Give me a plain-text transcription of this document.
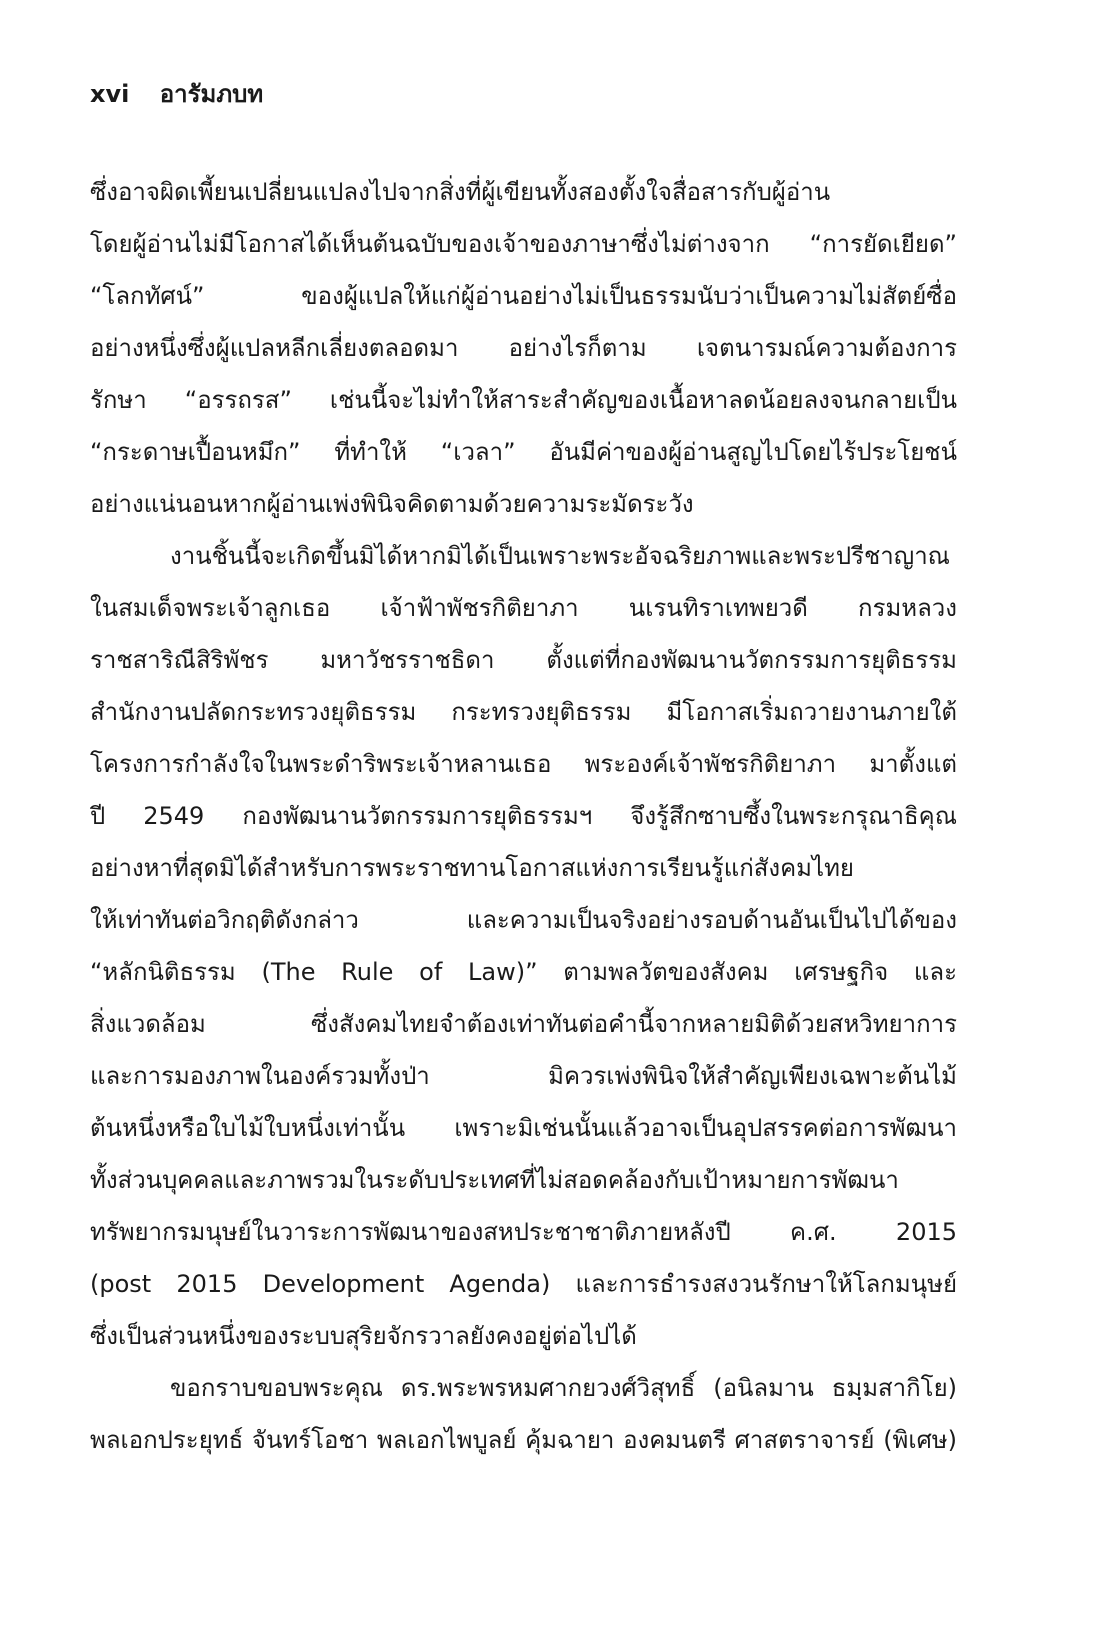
xvi อารัมภบท
ซึ่งอาจผิดเพี้ยนเปลี่ยนแปลงไปจากสิ่งที่ผู้เขียนทั้งสองตั้งใจสื่อสารกับผู้อ่าน
โดยผู้อ่านไม่มีโอกาสได้เห็นต้นฉบับของเจ้าของภาษาซึ่งไม่ต่างจาก “การยัดเยียด”
“โลกทัศน์” ของผู้แปลให้แก่ผู้อ่านอย่างไม่เป็นธรรมนับว่าเป็นความไม่สัตย์ซื่อ
อย่างหนึ่งซึ่งผู้แปลหลีกเลี่ยงตลอดมา อย่างไรก็ตาม เจตนารมณ์ความต้องการ
รักษา “อรรถรส” เช่นนี้จะไม่ทำให้สาระสำคัญของเนื้อหาลดน้อยลงจนกลายเป็น
“กระดาษเปื้อนหมึก” ที่ทำให้ “เวลา” อันมีค่าของผู้อ่านสูญไปโดยไร้ประโยชน์
อย่างแน่นอนหากผู้อ่านเพ่งพินิจคิดตามด้วยความระมัดระวัง
งานชิ้นนี้จะเกิดขึ้นมิได้หากมิได้เป็นเพราะพระอัจฉริยภาพและพระปรีชาญาณ
ในสมเด็จพระเจ้าลูกเธอ เจ้าฟ้าพัชรกิติยาภา นเรนทิราเทพยวดี กรมหลวง
ราชสาริณีสิริพัชร มหาวัชรราชธิดา ตั้งแต่ที่กองพัฒนานวัตกรรมการยุติธรรม
สำนักงานปลัดกระทรวงยุติธรรม กระทรวงยุติธรรม มีโอกาสเริ่มถวายงานภายใต้
โครงการกำลังใจในพระดำริพระเจ้าหลานเธอ พระองค์เจ้าพัชรกิติยาภา มาตั้งแต่
ปี 2549 กองพัฒนานวัตกรรมการยุติธรรมฯ จึงรู้สึกซาบซึ้งในพระกรุณาธิคุณ
อย่างหาที่สุดมิได้สำหรับการพระราชทานโอกาสแห่งการเรียนรู้แก่สังคมไทย
ให้เท่าทันต่อวิกฤติดังกล่าว และความเป็นจริงอย่างรอบด้านอันเป็นไปได้ของ
“หลักนิติธรรม (The Rule of Law)” ตามพลวัตของสังคม เศรษฐกิจ และ
สิ่งแวดล้อม ซึ่งสังคมไทยจำต้องเท่าทันต่อคำนี้จากหลายมิติด้วยสหวิทยาการ
และการมองภาพในองค์รวมทั้งป่า มิควรเพ่งพินิจให้สำคัญเพียงเฉพาะต้นไม้
ต้นหนึ่งหรือใบไม้ใบหนึ่งเท่านั้น เพราะมิเช่นนั้นแล้วอาจเป็นอุปสรรคต่อการพัฒนา
ทั้งส่วนบุคคลและภาพรวมในระดับประเทศที่ไม่สอดคล้องกับเป้าหมายการพัฒนา
ทรัพยากรมนุษย์ในวาระการพัฒนาของสหประชาชาติภายหลังปี ค.ศ. 2015
(post 2015 Development Agenda) และการธำรงสงวนรักษาให้โลกมนุษย์
ซึ่งเป็นส่วนหนึ่งของระบบสุริยจักรวาลยังคงอยู่ต่อไปได้
ขอกราบขอบพระคุณ ดร.พระพรหมศากยวงศ์วิสุทธิ์ (อนิลมาน ธมฺมสากิโย)
พลเอกประยุทธ์ จันทร์โอชา พลเอกไพบูลย์ คุ้มฉายา องคมนตรี ศาสตราจารย์ (พิเศษ)
